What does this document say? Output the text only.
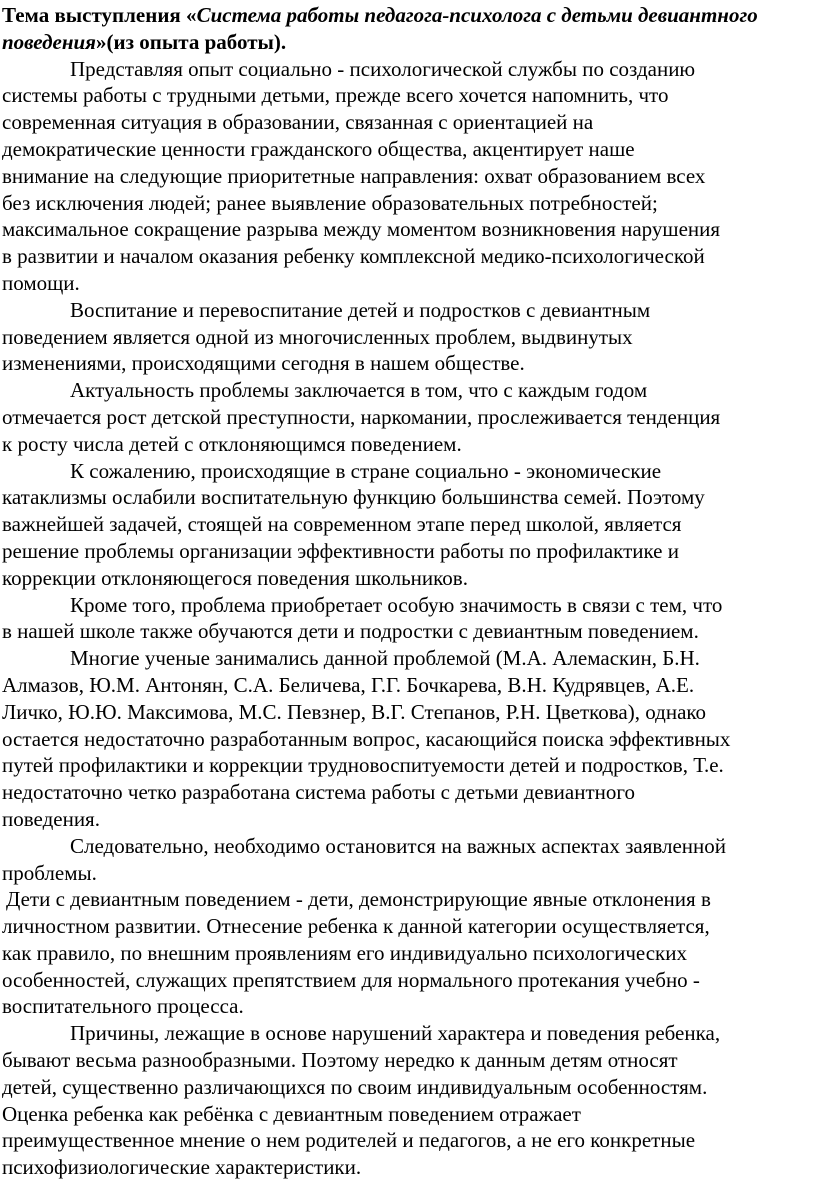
Тема выступления «Система работы педагога-психолога с детьми девиантного поведения»(из опыта работы).

Представляя опыт социально - психологической службы по созданию
системы работы с трудными детьми, прежде всего хочется напомнить, что
современная ситуация в образовании, связанная с ориентацией на
демократические ценности гражданского общества, акцентирует наше
внимание на следующие приоритетные направления: охват образованием всех
без исключения людей; ранее выявление образовательных потребностей;
максимальное сокращение разрыва между моментом возникновения нарушения
в развитии и началом оказания ребенку комплексной медико-психологической
помощи.

Воспитание и перевоспитание детей и подростков с девиантным
поведением является одной из многочисленных проблем, выдвинутых
изменениями, происходящими сегодня в нашем обществе.

Актуальность проблемы заключается в том, что с каждым годом
отмечается рост детской преступности, наркомании, прослеживается тенденция
к росту числа детей с отклоняющимся поведением.

К сожалению, происходящие в стране социально - экономические
катаклизмы ослабили воспитательную функцию большинства семей. Поэтому
важнейшей задачей, стоящей на современном этапе перед школой, является
решение проблемы организации эффективности работы по профилактике и
коррекции отклоняющегося поведения школьников.

Кроме того, проблема приобретает особую значимость в связи с тем, что
в нашей школе также обучаются дети и подростки с девиантным поведением.

Многие ученые занимались данной проблемой (М.А. Алемаскин, Б.Н.
Алмазов, Ю.М. Антонян, С.А. Беличева, Г.Г. Бочкарева, В.Н. Кудрявцев, А.Е.
Личко, Ю.Ю. Максимова, М.С. Певзнер, В.Г. Степанов, Р.Н. Цветкова), однако
остается недостаточно разработанным вопрос, касающийся поиска эффективных
путей профилактики и коррекции трудновоспитуемости детей и подростков, Т.е.
недостаточно четко разработана система работы с детьми девиантного
поведения.

Следовательно, необходимо остановится на важных аспектах заявленной
проблемы.

Дети с девиантным поведением - дети, демонстрирующие явные отклонения в
личностном развитии. Отнесение ребенка к данной категории осуществляется,
как правило, по внешним проявлениям его индивидуально психологических
особенностей, служащих препятствием для нормального протекания учебно -
воспитательного процесса.

Причины, лежащие в основе нарушений характера и поведения ребенка,
бывают весьма разнообразными. Поэтому нередко к данным детям относят
детей, существенно различающихся по своим индивидуальным особенностям.
Оценка ребенка как ребёнка с девиантным поведением отражает
преимущественное мнение о нем родителей и педагогов, а не его конкретные
психофизиологические характеристики.
